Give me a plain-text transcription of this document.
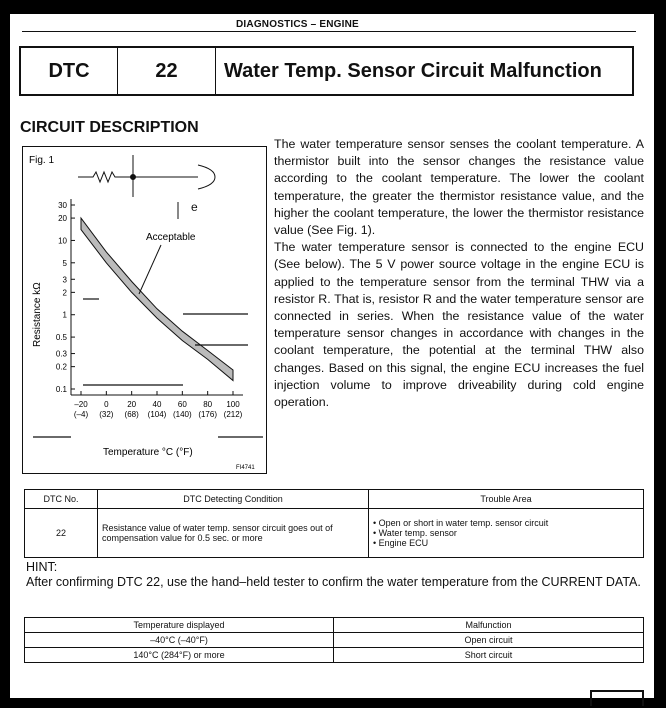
DIAGNOSTICS – ENGINE
DTC	22	Water Temp. Sensor Circuit Malfunction
CIRCUIT DESCRIPTION
Fig. 1
e
30
20
10
5
3
2
1
0.5
0.3
0.2
0.1
–20
(–4)
0
(32)
20
(68)
40
(104)
60
(140)
80
(176)
100
(212)
Acceptable
Resistance kΩ
Temperature °C (°F)
FI4741

The water temperature sensor senses the coolant temperature. A thermistor built into the sensor changes the resistance value according to the coolant temperature. The lower the coolant temperature, the greater the thermistor resistance value, and the higher the coolant temperature, the lower the thermistor resistance value (See Fig. 1).

The water temperature sensor is connected to the engine ECU (See below). The 5 V power source voltage in the engine ECU is applied to the temperature sensor from the terminal THW via a resistor R. That is, resistor R and the water temperature sensor are connected in series. When the resistance value of the water temperature sensor changes in accordance with changes in the coolant temperature, the potential at the terminal THW also changes. Based on this signal, the engine ECU increases the fuel injection volume to improve driveability during cold engine operation.

DTC No.	DTC Detecting Condition	Trouble Area
22	Resistance value of water temp. sensor circuit goes out of compensation value for 0.5 sec. or more	• Open or short in water temp. sensor circuit
• Water temp. sensor
• Engine ECU
HINT:
After confirming DTC 22, use the hand–held tester to confirm the water temperature from the CURRENT DATA.
Temperature displayed	Malfunction
–40°C (–40°F)	Open circuit
140°C (284°F) or more	Short circuit
